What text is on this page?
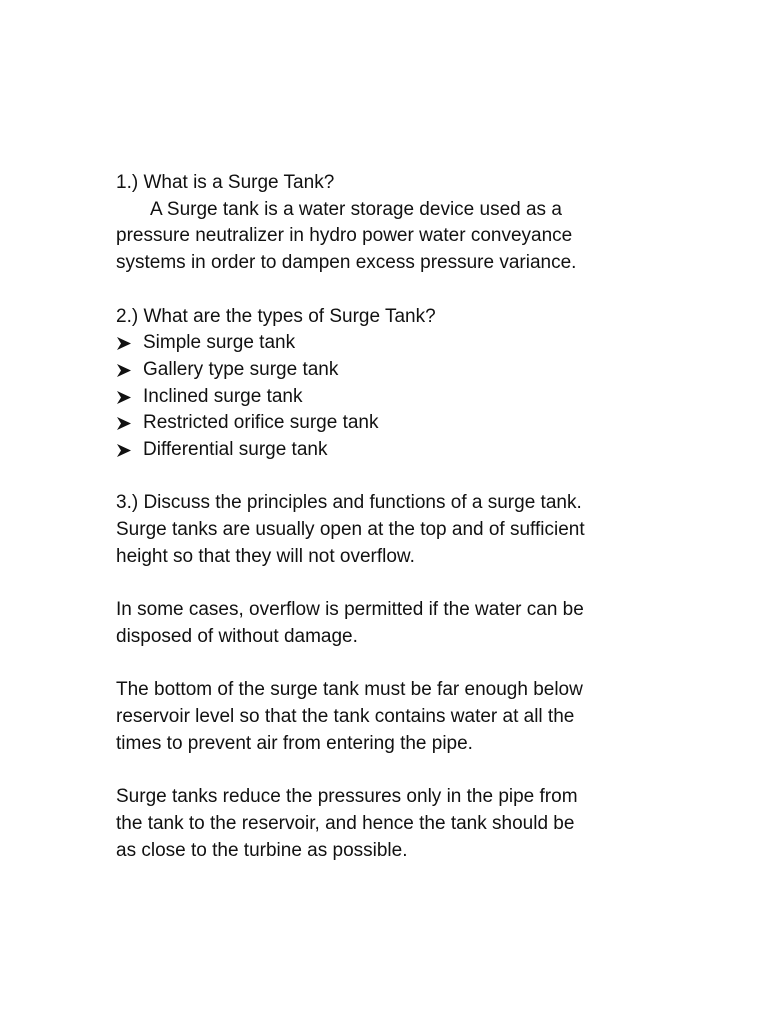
1.) What is a Surge Tank?

A Surge tank is a water storage device used as a

pressure neutralizer in hydro power water conveyance

systems in order to dampen excess pressure variance.

2.) What are the types of Surge Tank?

Simple surge tank
Gallery type surge tank
Inclined surge tank
Restricted orifice surge tank
Differential surge tank

3.) Discuss the principles and functions of a surge tank.

Surge tanks are usually open at the top and of sufficient

height so that they will not overflow.

In some cases, overflow is permitted if the water can be

disposed of without damage.

The bottom of the surge tank must be far enough below

reservoir level so that the tank contains water at all the

times to prevent air from entering the pipe.

Surge tanks reduce the pressures only in the pipe from

the tank to the reservoir, and hence the tank should be

as close to the turbine as possible.
